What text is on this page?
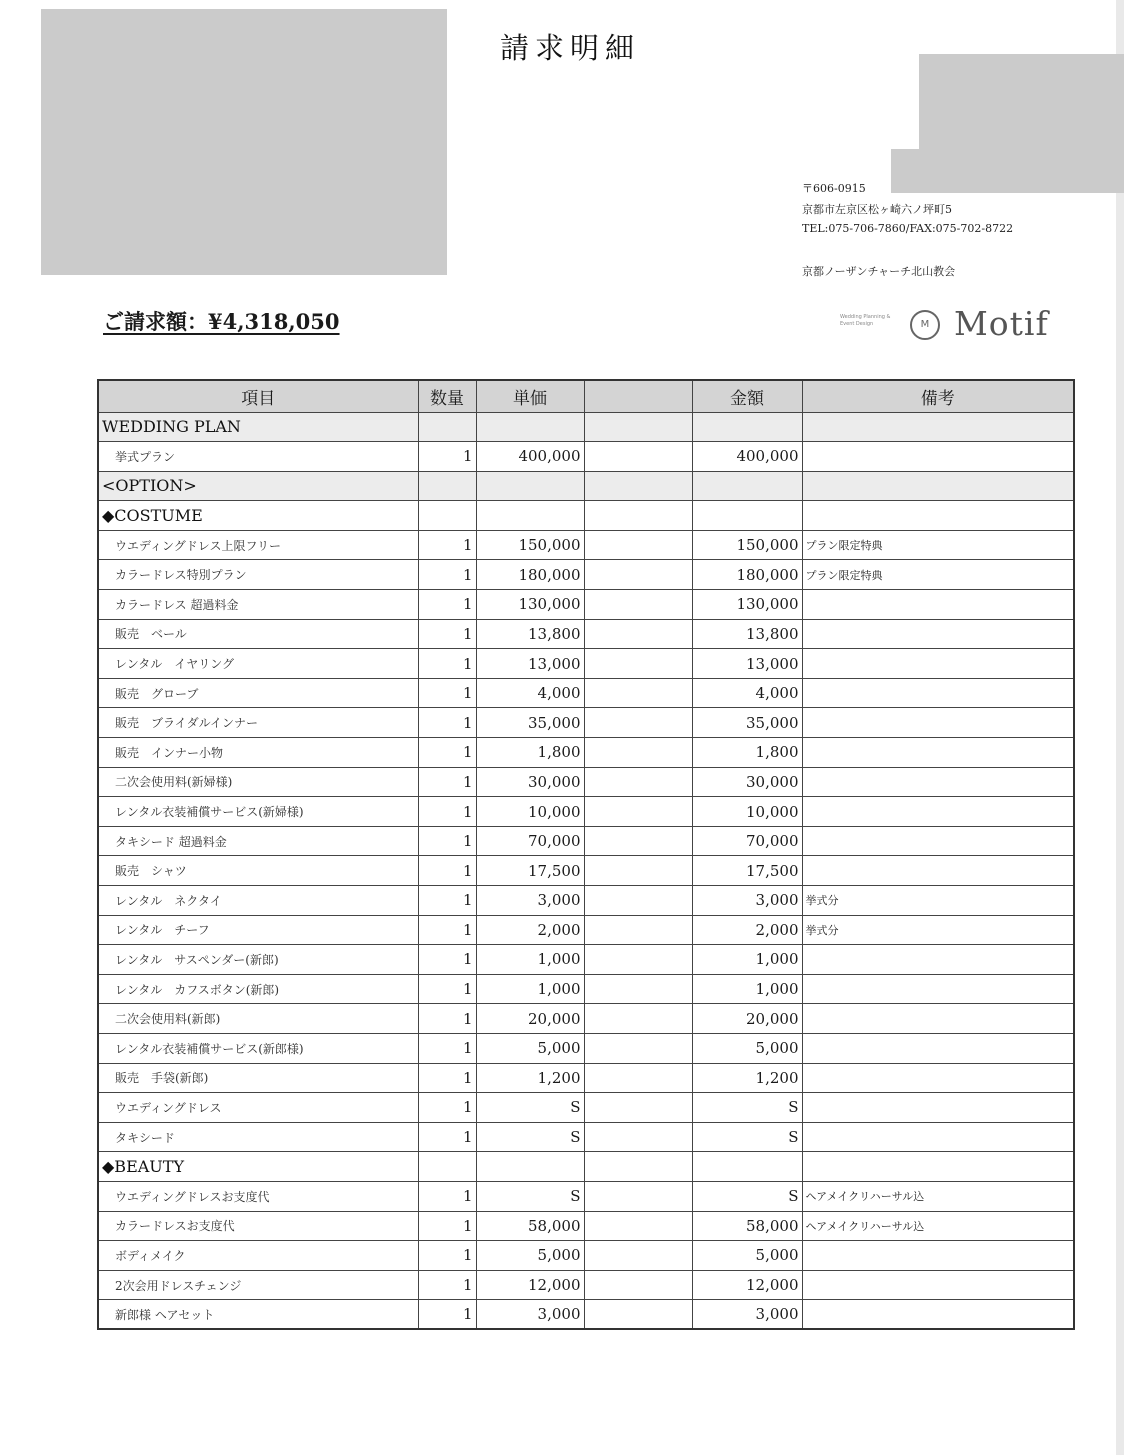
請求明細
〒606-0915
京都市左京区松ヶ崎六ノ坪町5
TEL:075-706-7860/FAX:075-702-8722
京都ノーザンチャーチ北山教会
ご請求額：¥4,318,050	Wedding Planning & Event Design	M Motif
項目	数量	単価		金額	備考
WEDDING PLAN					
挙式プラン	1	400,000		400,000	
<OPTION>					
◆COSTUME					
ウエディングドレス上限フリー	1	150,000		150,000	プラン限定特典
カラードレス特別プラン	1	180,000		180,000	プラン限定特典
カラードレス 超過料金	1	130,000		130,000	
販売　ベール	1	13,800		13,800	
レンタル　イヤリング	1	13,000		13,000	
販売　グローブ	1	4,000		4,000	
販売　ブライダルインナー	1	35,000		35,000	
販売　インナー小物	1	1,800		1,800	
二次会使用料(新婦様)	1	30,000		30,000	
レンタル衣装補償サービス(新婦様)	1	10,000		10,000	
タキシード 超過料金	1	70,000		70,000	
販売　シャツ	1	17,500		17,500	
レンタル　ネクタイ	1	3,000		3,000	挙式分
レンタル　チーフ	1	2,000		2,000	挙式分
レンタル　サスペンダー(新郎)	1	1,000		1,000	
レンタル　カフスボタン(新郎)	1	1,000		1,000	
二次会使用料(新郎)	1	20,000		20,000	
レンタル衣装補償サービス(新郎様)	1	5,000		5,000	
販売　手袋(新郎)	1	1,200		1,200	
ウエディングドレス	1	S		S	
タキシード	1	S		S	
◆BEAUTY					
ウエディングドレスお支度代	1	S		S	ヘアメイクリハーサル込
カラードレスお支度代	1	58,000		58,000	ヘアメイクリハーサル込
ボディメイク	1	5,000		5,000	
2次会用ドレスチェンジ	1	12,000		12,000	
新郎様 ヘアセット	1	3,000		3,000	
